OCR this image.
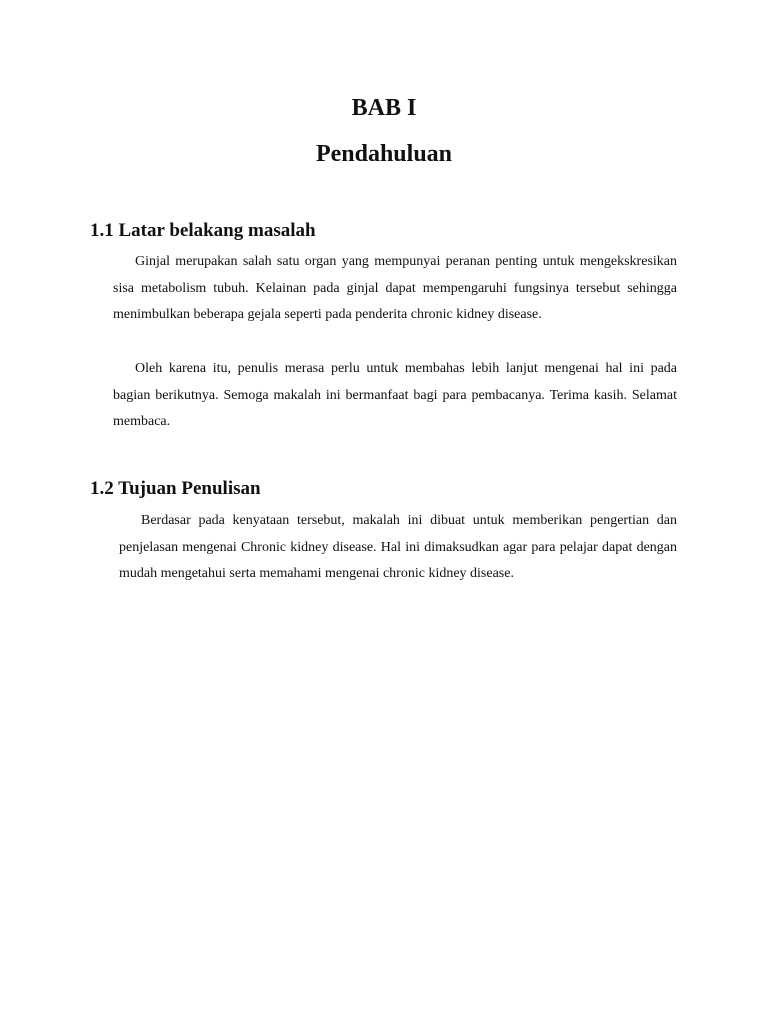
BAB I
Pendahuluan
1.1 Latar belakang masalah

Ginjal merupakan salah satu organ yang mempunyai peranan penting untuk mengekskresikan sisa metabolism tubuh. Kelainan pada ginjal dapat mempengaruhi fungsinya tersebut sehingga menimbulkan beberapa gejala seperti pada penderita chronic kidney disease.

Oleh karena itu, penulis merasa perlu untuk membahas lebih lanjut mengenai hal ini pada bagian berikutnya. Semoga makalah ini bermanfaat bagi para pembacanya. Terima kasih. Selamat membaca.

1.2 Tujuan Penulisan

Berdasar pada kenyataan tersebut, makalah ini dibuat untuk memberikan pengertian dan penjelasan mengenai Chronic kidney disease. Hal ini dimaksudkan agar para pelajar dapat dengan mudah mengetahui serta memahami mengenai chronic kidney disease.
